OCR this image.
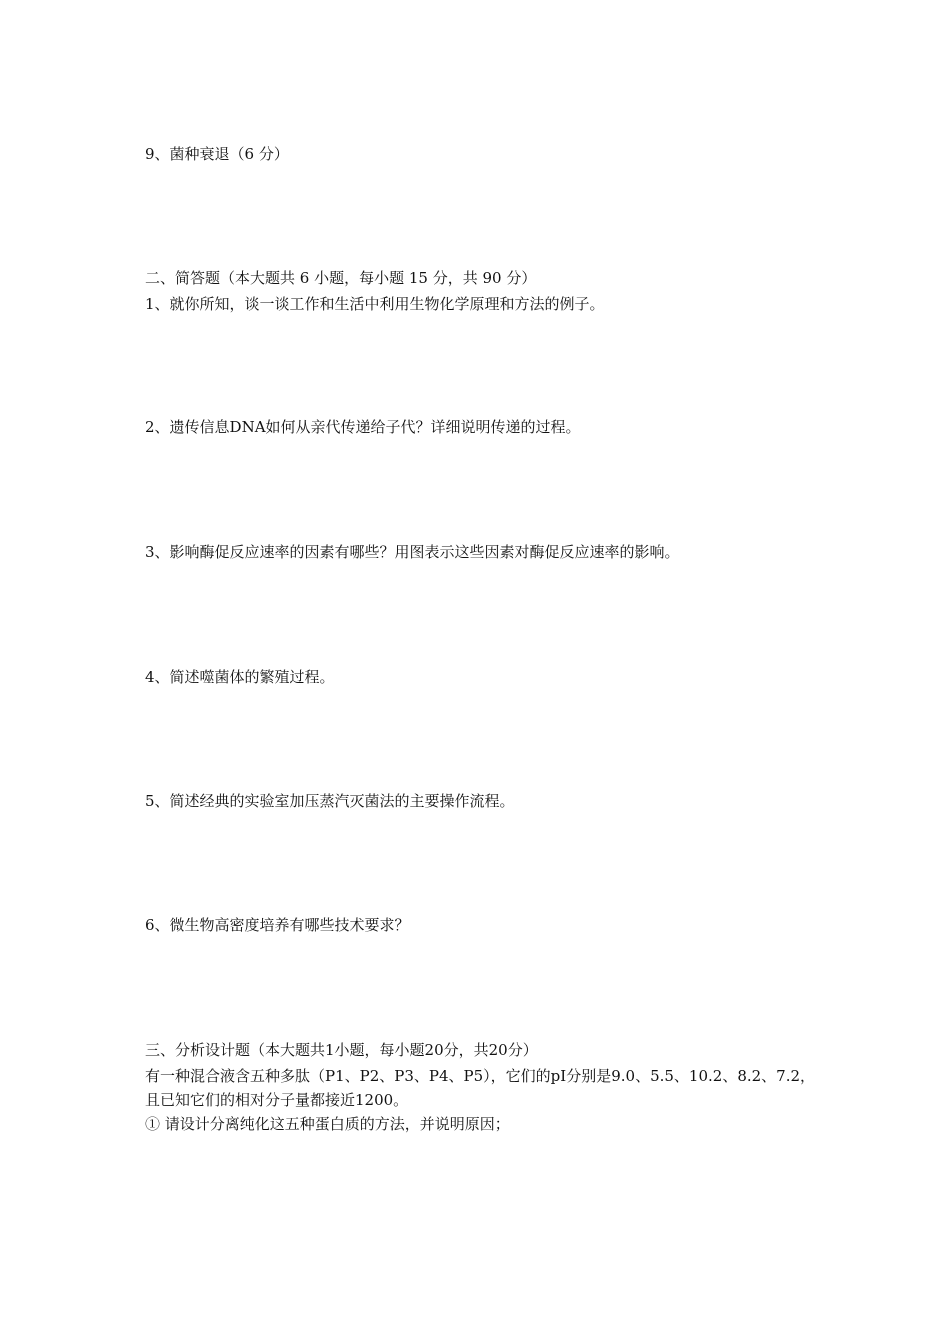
9、菌种衰退（6 分）

二、简答题（本大题共 6 小题，每小题 15 分，共 90 分）

1、就你所知，谈一谈工作和生活中利用生物化学原理和方法的例子。

2、遗传信息DNA如何从亲代传递给子代？详细说明传递的过程。

3、影响酶促反应速率的因素有哪些？用图表示这些因素对酶促反应速率的影响。

4、简述噬菌体的繁殖过程。

5、简述经典的实验室加压蒸汽灭菌法的主要操作流程。

6、微生物高密度培养有哪些技术要求？

三、分析设计题（本大题共1小题，每小题20分，共20分）

有一种混合液含五种多肽（P1、P2、P3、P4、P5），它们的pI分别是9.0、5.5、10.2、8.2、7.2，

且已知它们的相对分子量都接近1200。

① 请设计分离纯化这五种蛋白质的方法，并说明原因；
